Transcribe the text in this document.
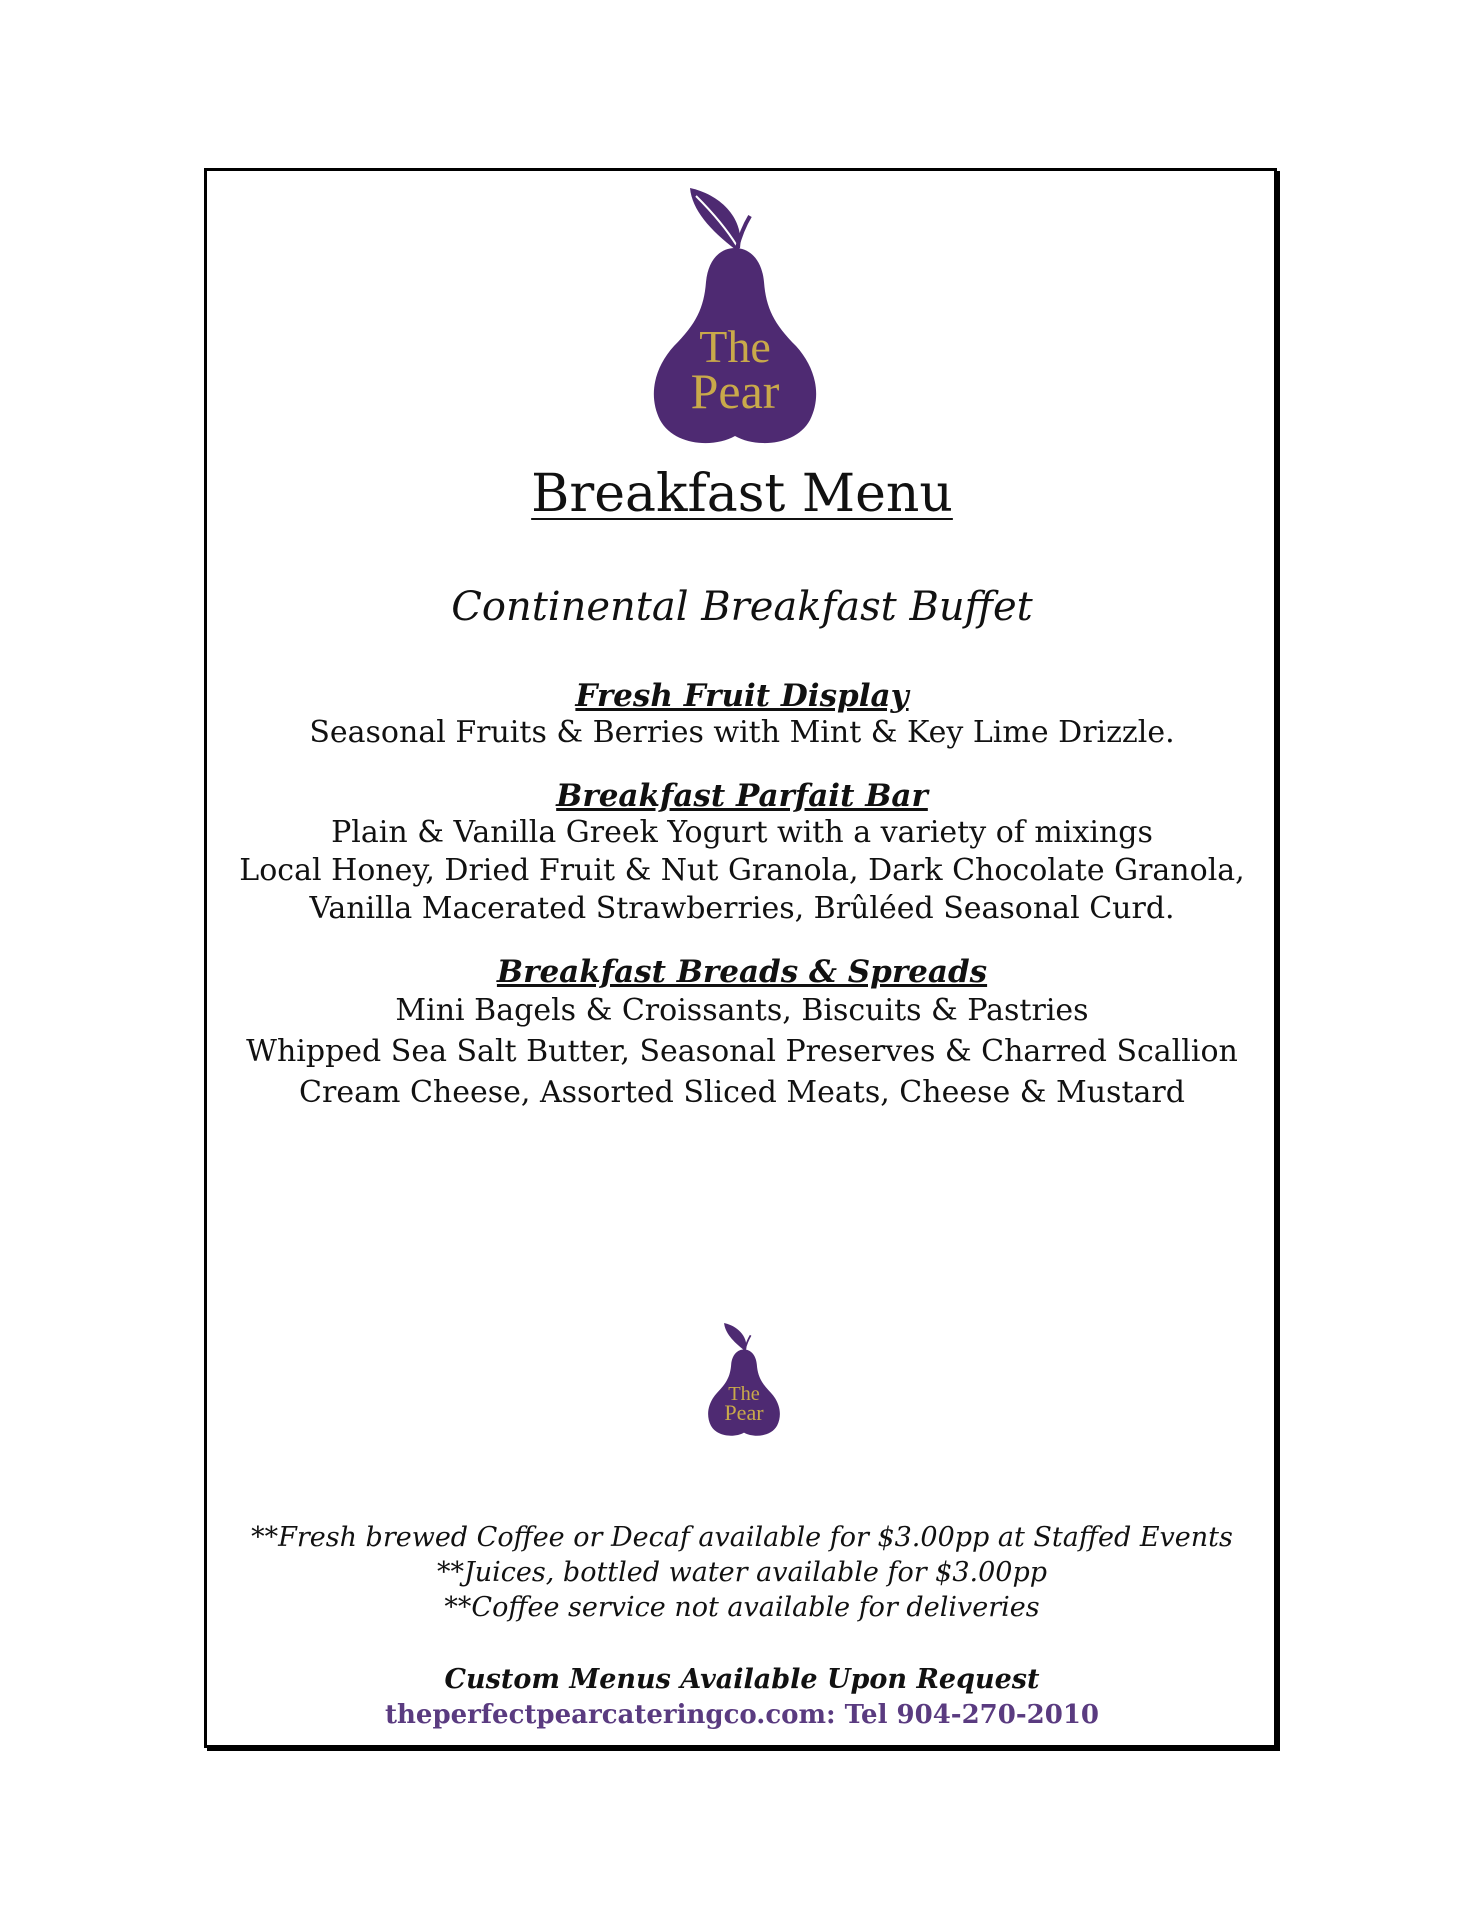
The
Pear
Breakfast Menu
Continental Breakfast Buffet
Fresh Fruit Display
Seasonal Fruits & Berries with Mint & Key Lime Drizzle.
Breakfast Parfait Bar
Plain & Vanilla Greek Yogurt with a variety of mixings
Local Honey, Dried Fruit & Nut Granola, Dark Chocolate Granola,
Vanilla Macerated Strawberries, Brûléed Seasonal Curd.
Breakfast Breads & Spreads
Mini Bagels & Croissants, Biscuits & Pastries
Whipped Sea Salt Butter, Seasonal Preserves & Charred Scallion
Cream Cheese, Assorted Sliced Meats, Cheese & Mustard
The
Pear
**Fresh brewed Coffee or Decaf available for $3.00pp at Staffed Events
**Juices, bottled water available for $3.00pp
**Coffee service not available for deliveries
Custom Menus Available Upon Request
theperfectpearcateringco.com: Tel 904-270-2010
